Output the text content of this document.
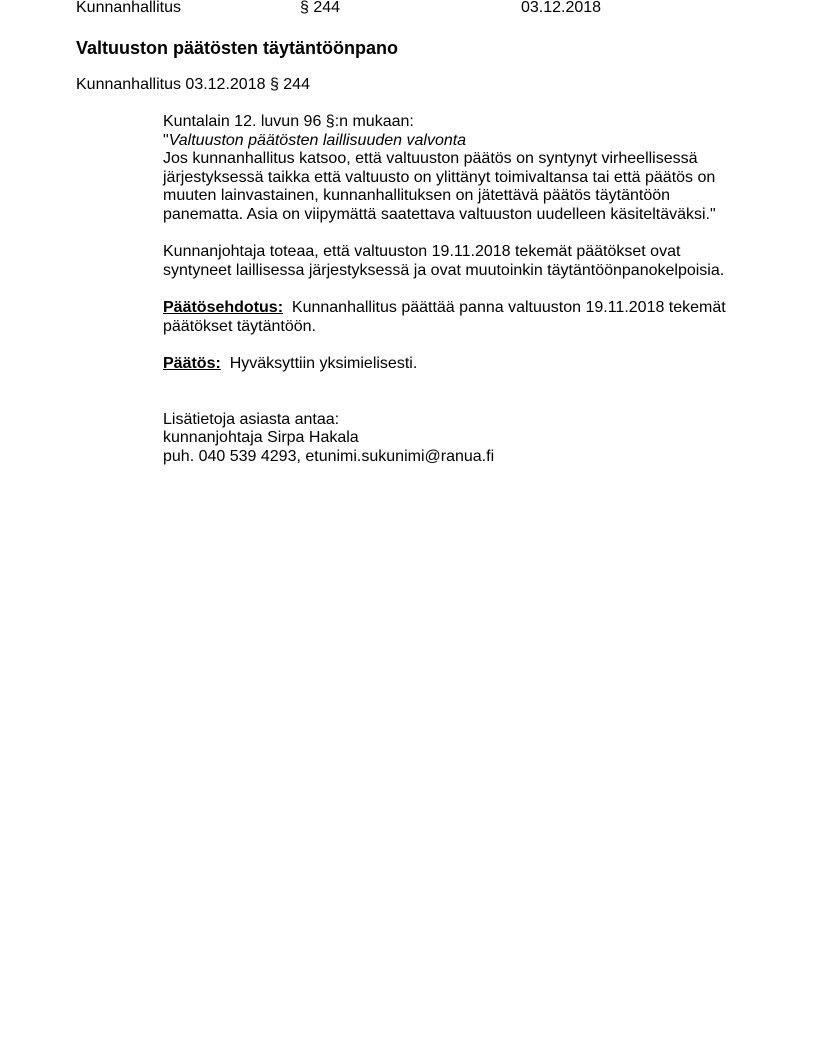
Kunnanhallitus	§ 244	03.12.2018
Valtuuston päätösten täytäntöönpano
Kunnanhallitus 03.12.2018 § 244

Kuntalain 12. luvun 96 §:n mukaan:

"Valtuuston päätösten laillisuuden valvonta

Jos kunnanhallitus katsoo, että valtuuston päätös on syntynyt virheellisessä
järjestyksessä taikka että valtuusto on ylittänyt toimivaltansa tai että päätös on
muuten lainvastainen, kunnanhallituksen on jätettävä päätös täytäntöön
panematta. Asia on viipymättä saatettava valtuuston uudelleen käsiteltäväksi."

Kunnanjohtaja toteaa, että valtuuston 19.11.2018 tekemät päätökset ovat
syntyneet laillisessa järjestyksessä ja ovat muutoinkin täytäntöönpanokelpoisia.

Päätösehdotus: Kunnanhallitus päättää panna valtuuston 19.11.2018 tekemät
päätökset täytäntöön.

Päätös: Hyväksyttiin yksimielisesti.

Lisätietoja asiasta antaa:
kunnanjohtaja Sirpa Hakala
puh. 040 539 4293, etunimi.sukunimi@ranua.fi
